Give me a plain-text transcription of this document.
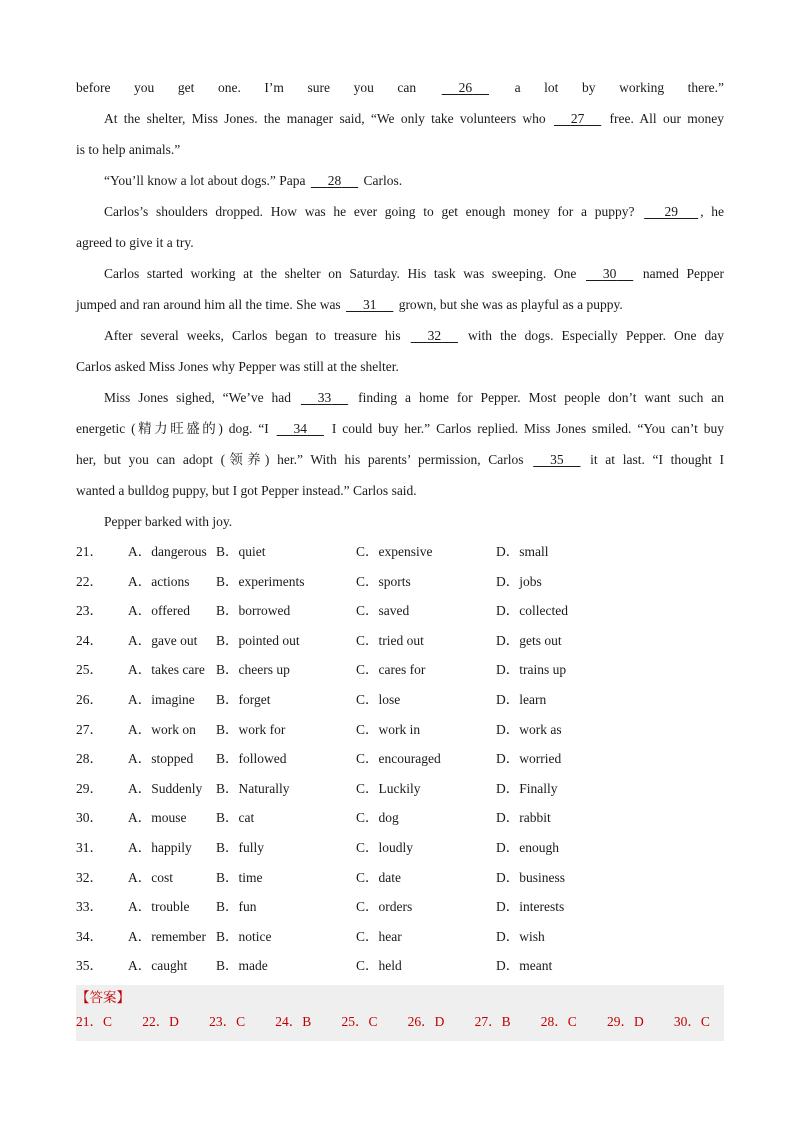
before you get one. I’m sure you can	26	a lot by working there.”
At the shelter, Miss Jones. the manager said, “We only take volunteers who 27 free. All our money
is to help animals.”
“You’ll know a lot about dogs.” Papa 28 Carlos.
Carlos’s shoulders dropped. How was he ever going to get enough money for a puppy? 29 , he
agreed to give it a try.
Carlos started working at the shelter on Saturday. His task was sweeping. One 30 named Pepper
jumped and ran around him all the time. She was 31 grown, but she was as playful as a puppy.
After several weeks, Carlos began to treasure his 32 with the dogs. Especially Pepper. One day
Carlos asked Miss Jones why Pepper was still at the shelter.
Miss Jones sighed, “We’ve had 33 finding a home for Pepper. Most people don’t want such an
energetic (精力旺盛的) dog. “I 34 I could buy her.” Carlos replied. Miss Jones smiled. “You can’t buy
her, but you can adopt (领养) her.” With his parents’ permission, Carlos 35 it at last. “I thought I
wanted a bulldog puppy, but I got Pepper instead.” Carlos said.
Pepper barked with joy.
21．	A．dangerous B．quiet	C．expensive	D．small
22．	A．actions	B．experiments	C．sports	D．jobs
23．	A．offered	B．borrowed	C．saved	D．collected
24．	A．gave out	B．pointed out	C．tried out	D．gets out
25．	A．takes care B．cheers up	C．cares for	D．trains up
26．	A．imagine	B．forget	C．lose	D．learn
27．	A．work on	B．work for	C．work in	D．work as
28．	A．stopped	B．followed	C．encouraged	D．worried
29．	A．Suddenly	B．Naturally	C．Luckily	D．Finally
30．	A．mouse	B．cat	C．dog	D．rabbit
31．	A．happily	B．fully	C．loudly	D．enough
32．	A．cost	B．time	C．date	D．business
33．	A．trouble	B．fun	C．orders	D．interests
34．	A．remember B．notice	C．hear	D．wish
35．	A．caught	B．made	C．held	D．meant
【答案】
21．C 22．D 23．C 24．B 25．C 26．D 27．B 28．C 29．D 30．C
